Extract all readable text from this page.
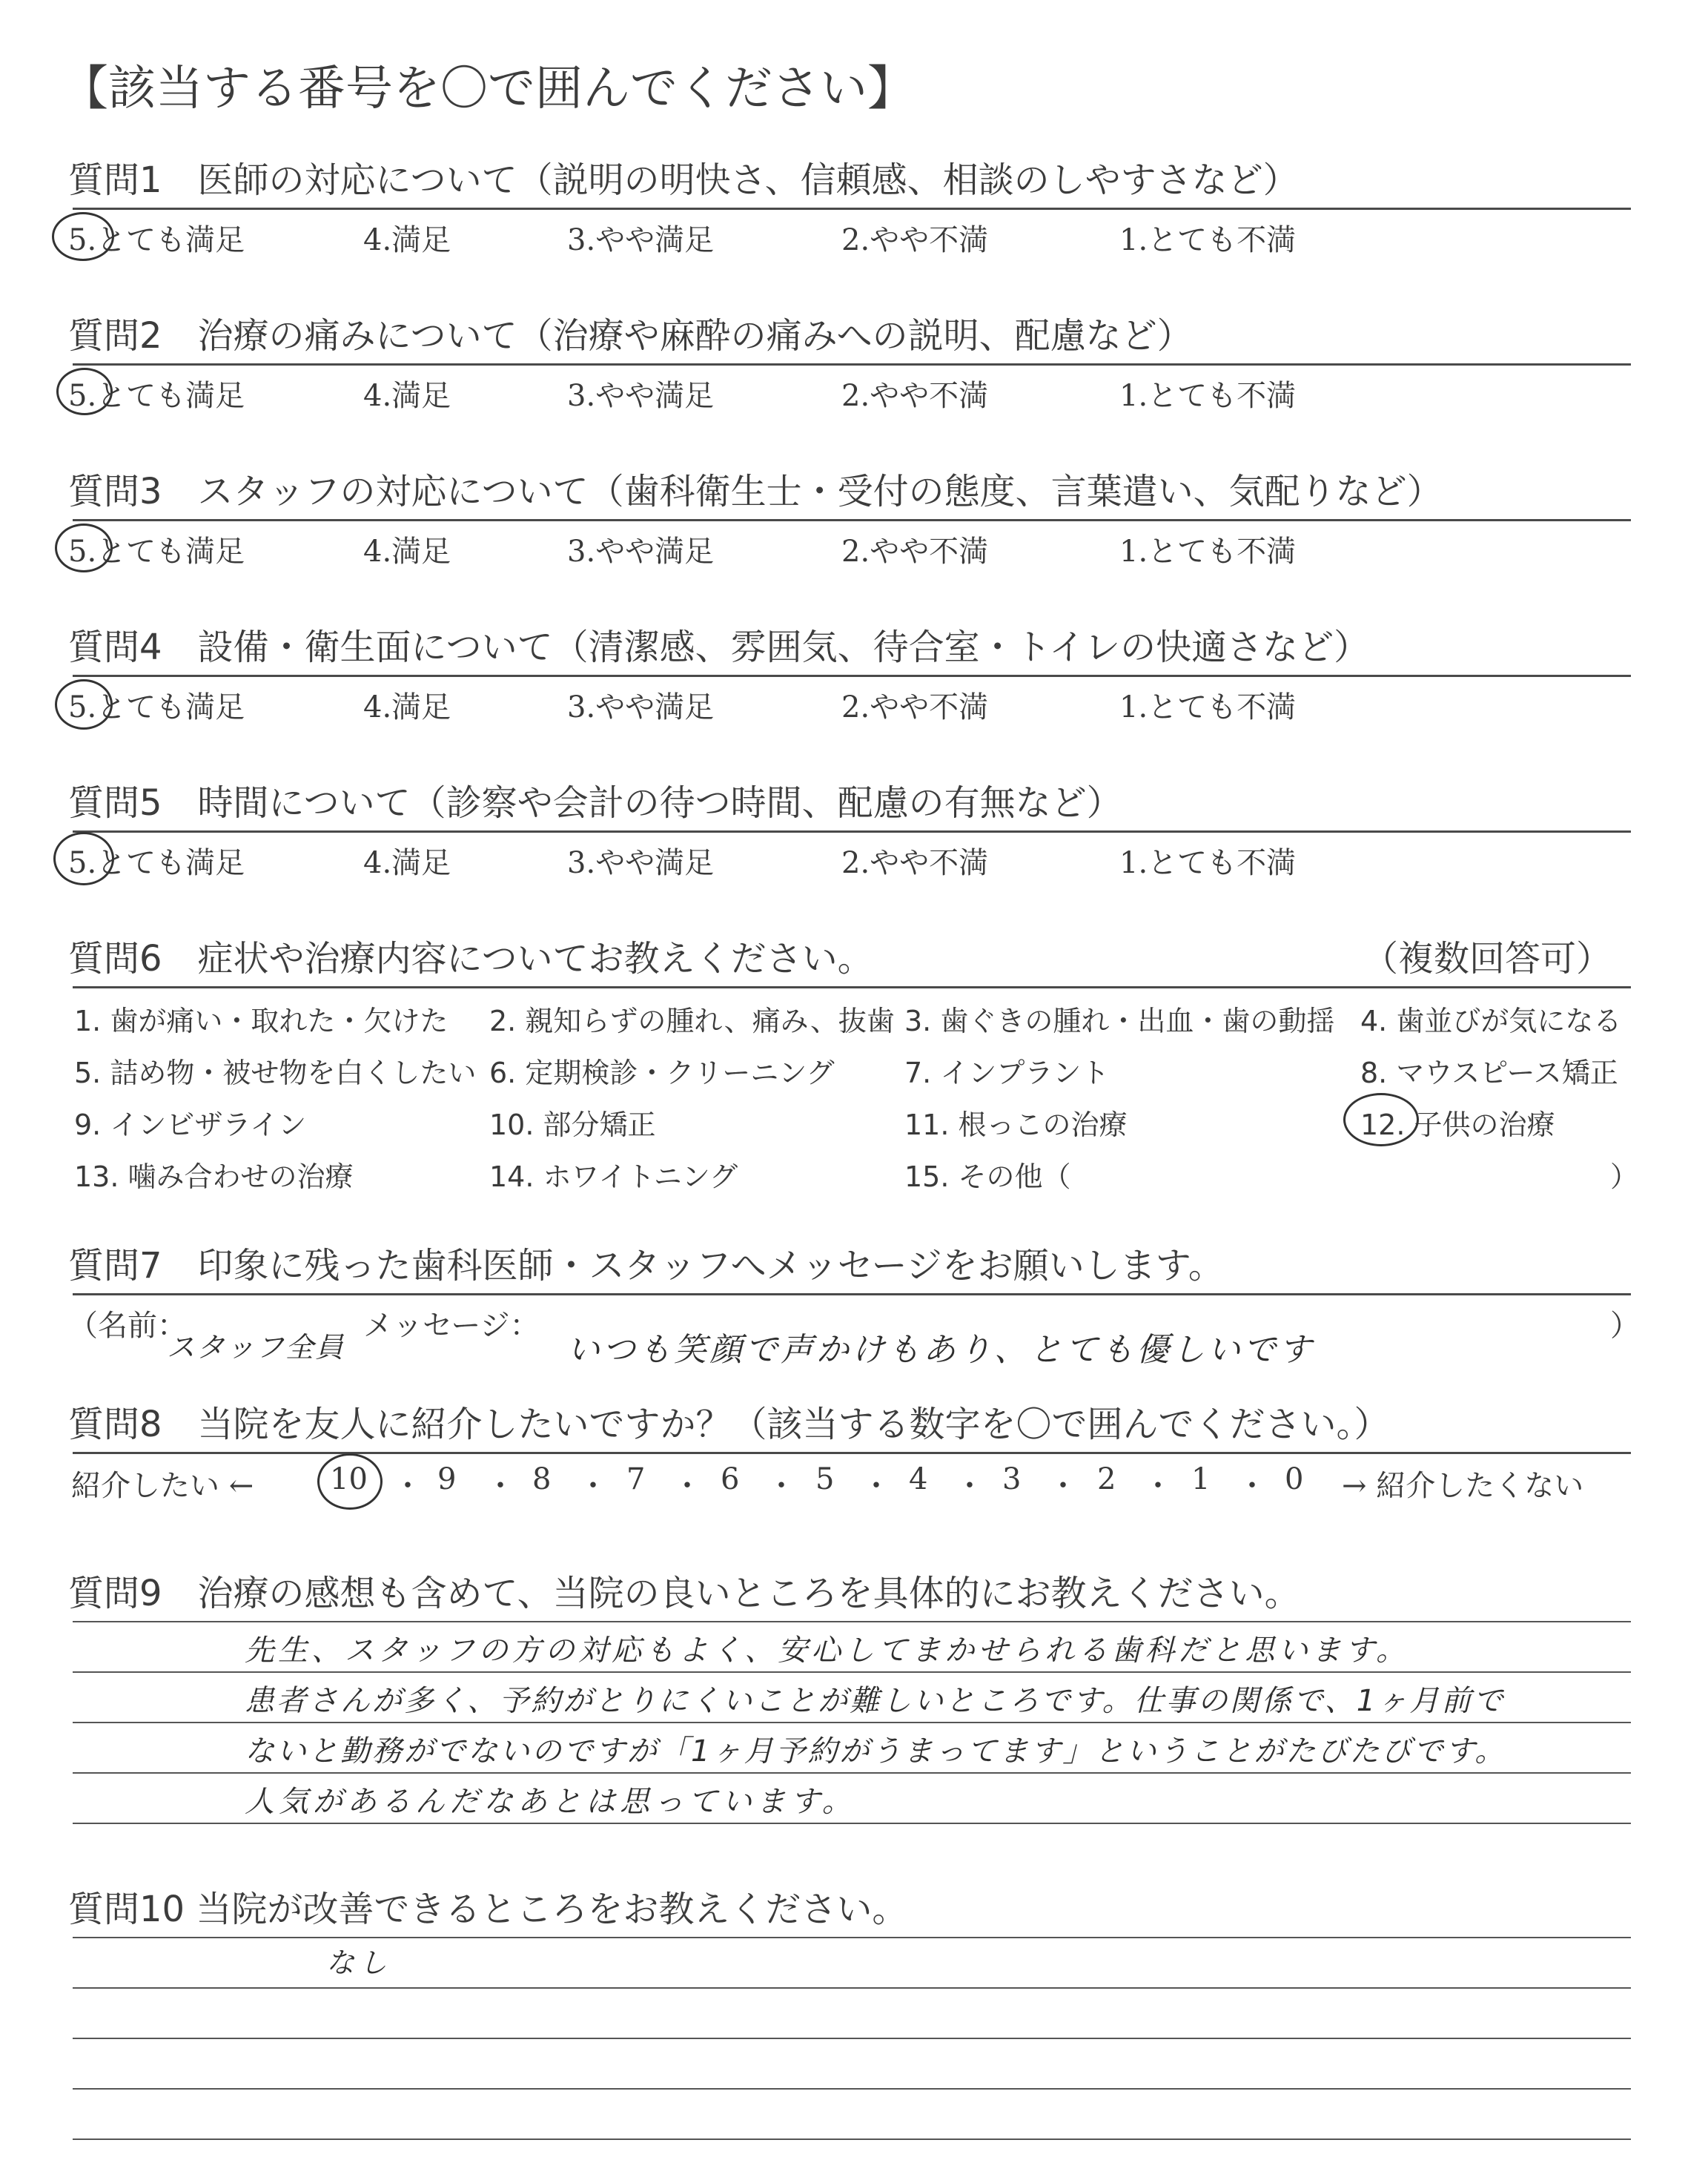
【該当する番号を〇で囲んでください】
質問1　医師の対応について（説明の明快さ、信頼感、相談のしやすさなど）
5.とても満足	4.満足	3.やや満足	2.やや不満	1.とても不満
質問2　治療の痛みについて（治療や麻酔の痛みへの説明、配慮など）
5.とても満足	4.満足	3.やや満足	2.やや不満	1.とても不満
質問3　スタッフの対応について（歯科衛生士・受付の態度、言葉遣い、気配りなど）
5.とても満足	4.満足	3.やや満足	2.やや不満	1.とても不満
質問4　設備・衛生面について（清潔感、雰囲気、待合室・トイレの快適さなど）
5.とても満足	4.満足	3.やや満足	2.やや不満	1.とても不満
質問5　時間について（診察や会計の待つ時間、配慮の有無など）
5.とても満足	4.満足	3.やや満足	2.やや不満	1.とても不満
質問6　症状や治療内容についてお教えください。	（複数回答可）
1. 歯が痛い・取れた・欠けた 2. 親知らずの腫れ、痛み、抜歯 3. 歯ぐきの腫れ・出血・歯の動揺 4. 歯並びが気になる
5. 詰め物・被せ物を白くしたい 6. 定期検診・クリーニング 7. インプラント	8. マウスピース矯正
9. インビザライン	10. 部分矯正	11. 根っこの治療	12. 子供の治療
13. 噛み合わせの治療	14. ホワイトニング	15. その他（	）
質問7　印象に残った歯科医師・スタッフへメッセージをお願いします。
（名前：
スタッフ全員
メッセージ：
いつも笑顔で声かけもあり、とても優しいです
）
質問8　当院を友人に紹介したいですか？（該当する数字を〇で囲んでください。）
紹介したい ←	10 ・ 9 ・ 8 ・ 7 ・ 6 ・ 5 ・ 4 ・ 3 ・ 2 ・ 1 ・ 0 → 紹介したくない
質問9　治療の感想も含めて、当院の良いところを具体的にお教えください。
先生、スタッフの方の対応もよく、安心してまかせられる歯科だと思います。
患者さんが多く、予約がとりにくいことが難しいところです。仕事の関係で、1ヶ月前で
ないと勤務がでないのですが「1ヶ月予約がうまってます」ということがたびたびです。
人気があるんだなあとは思っています。
質問10 当院が改善できるところをお教えください。
なし
